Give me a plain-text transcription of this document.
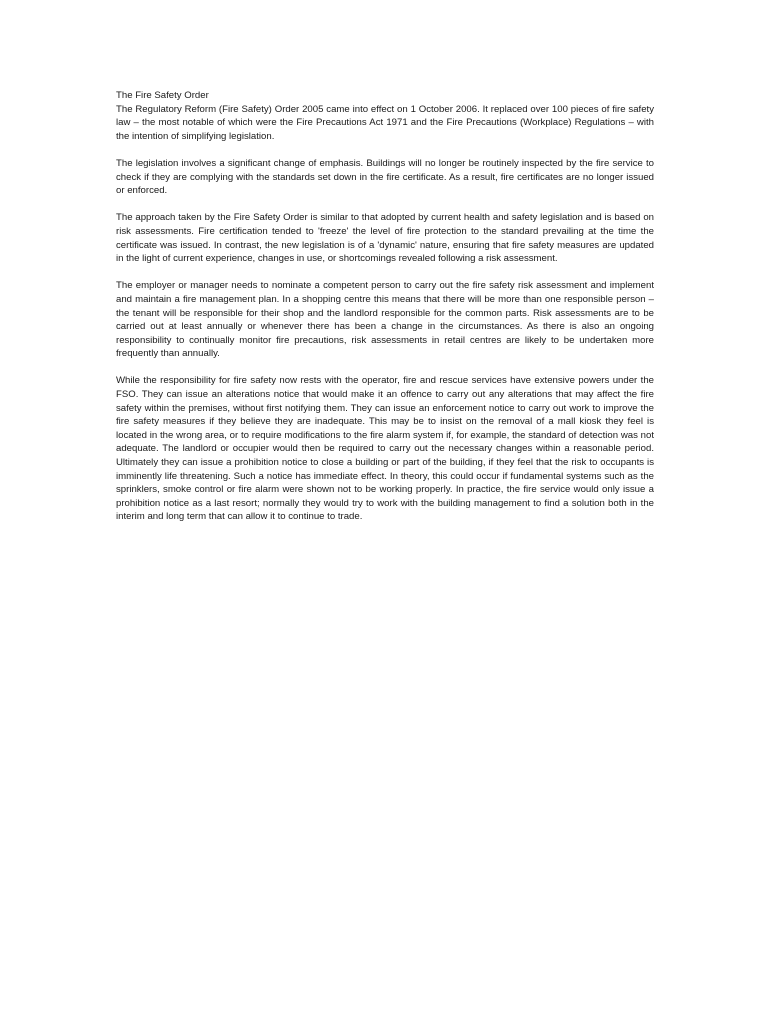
The Fire Safety Order

The Regulatory Reform (Fire Safety) Order 2005 came into effect on 1 October 2006. It replaced over 100 pieces of fire safety law – the most notable of which were the Fire Precautions Act 1971 and the Fire Precautions (Workplace) Regulations – with the intention of simplifying legislation.

The legislation involves a significant change of emphasis. Buildings will no longer be routinely inspected by the fire service to check if they are complying with the standards set down in the fire certificate. As a result, fire certificates are no longer issued or enforced.

The approach taken by the Fire Safety Order is similar to that adopted by current health and safety legislation and is based on risk assessments. Fire certification tended to 'freeze' the level of fire protection to the standard prevailing at the time the certificate was issued. In contrast, the new legislation is of a 'dynamic' nature, ensuring that fire safety measures are updated in the light of current experience, changes in use, or shortcomings revealed following a risk assessment.

The employer or manager needs to nominate a competent person to carry out the fire safety risk assessment and implement and maintain a fire management plan. In a shopping centre this means that there will be more than one responsible person – the tenant will be responsible for their shop and the landlord responsible for the common parts. Risk assessments are to be carried out at least annually or whenever there has been a change in the circumstances. As there is also an ongoing responsibility to continually monitor fire precautions, risk assessments in retail centres are likely to be undertaken more frequently than annually.

While the responsibility for fire safety now rests with the operator, fire and rescue services have extensive powers under the FSO. They can issue an alterations notice that would make it an offence to carry out any alterations that may affect the fire safety within the premises, without first notifying them. They can issue an enforcement notice to carry out work to improve the fire safety measures if they believe they are inadequate. This may be to insist on the removal of a mall kiosk they feel is located in the wrong area, or to require modifications to the fire alarm system if, for example, the standard of detection was not adequate. The landlord or occupier would then be required to carry out the necessary changes within a reasonable period. Ultimately they can issue a prohibition notice to close a building or part of the building, if they feel that the risk to occupants is imminently life threatening. Such a notice has immediate effect. In theory, this could occur if fundamental systems such as the sprinklers, smoke control or fire alarm were shown not to be working properly. In practice, the fire service would only issue a prohibition notice as a last resort; normally they would try to work with the building management to find a solution both in the interim and long term that can allow it to continue to trade.
